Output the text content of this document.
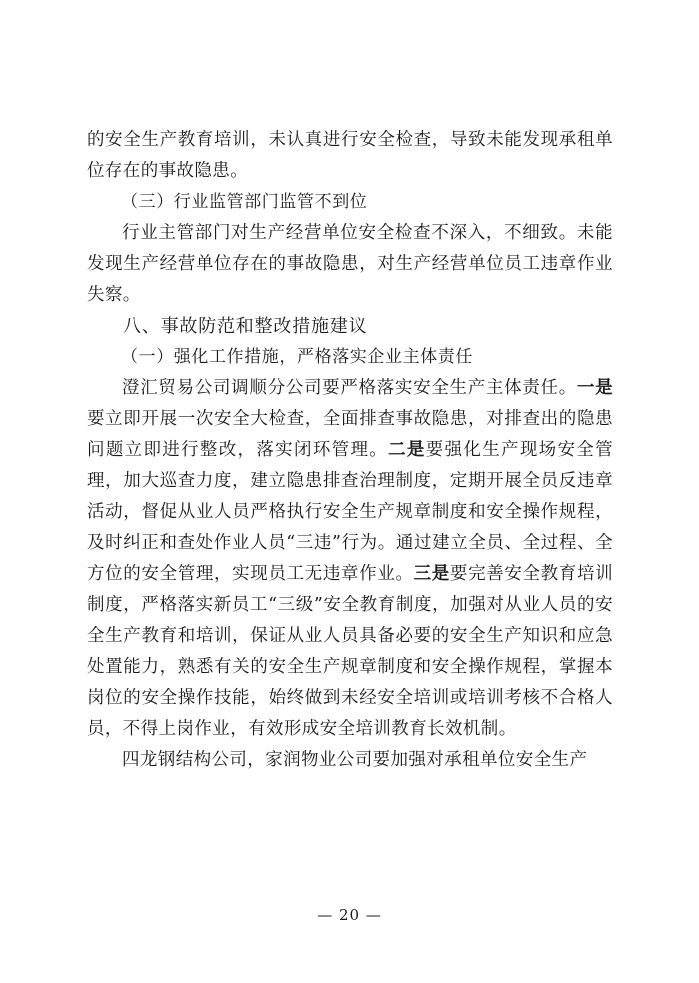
的安全生产教育培训，未认真进行安全检查，导致未能发现承租单位存在的事故隐患。

（三）行业监管部门监管不到位

行业主管部门对生产经营单位安全检查不深入，不细致。未能发现生产经营单位存在的事故隐患，对生产经营单位员工违章作业失察。

八、事故防范和整改措施建议

（一）强化工作措施，严格落实企业主体责任

澄汇贸易公司调顺分公司要严格落实安全生产主体责任。一是要立即开展一次安全大检查，全面排查事故隐患，对排查出的隐患问题立即进行整改，落实闭环管理。二是要强化生产现场安全管理，加大巡查力度，建立隐患排查治理制度，定期开展全员反违章活动，督促从业人员严格执行安全生产规章制度和安全操作规程，及时纠正和查处作业人员“三违”行为。通过建立全员、全过程、全方位的安全管理，实现员工无违章作业。三是要完善安全教育培训制度，严格落实新员工“三级”安全教育制度，加强对从业人员的安全生产教育和培训，保证从业人员具备必要的安全生产知识和应急处置能力，熟悉有关的安全生产规章制度和安全操作规程，掌握本岗位的安全操作技能，始终做到未经安全培训或培训考核不合格人员，不得上岗作业，有效形成安全培训教育长效机制。

四龙钢结构公司，家润物业公司要加强对承租单位安全生产

— 20 —
